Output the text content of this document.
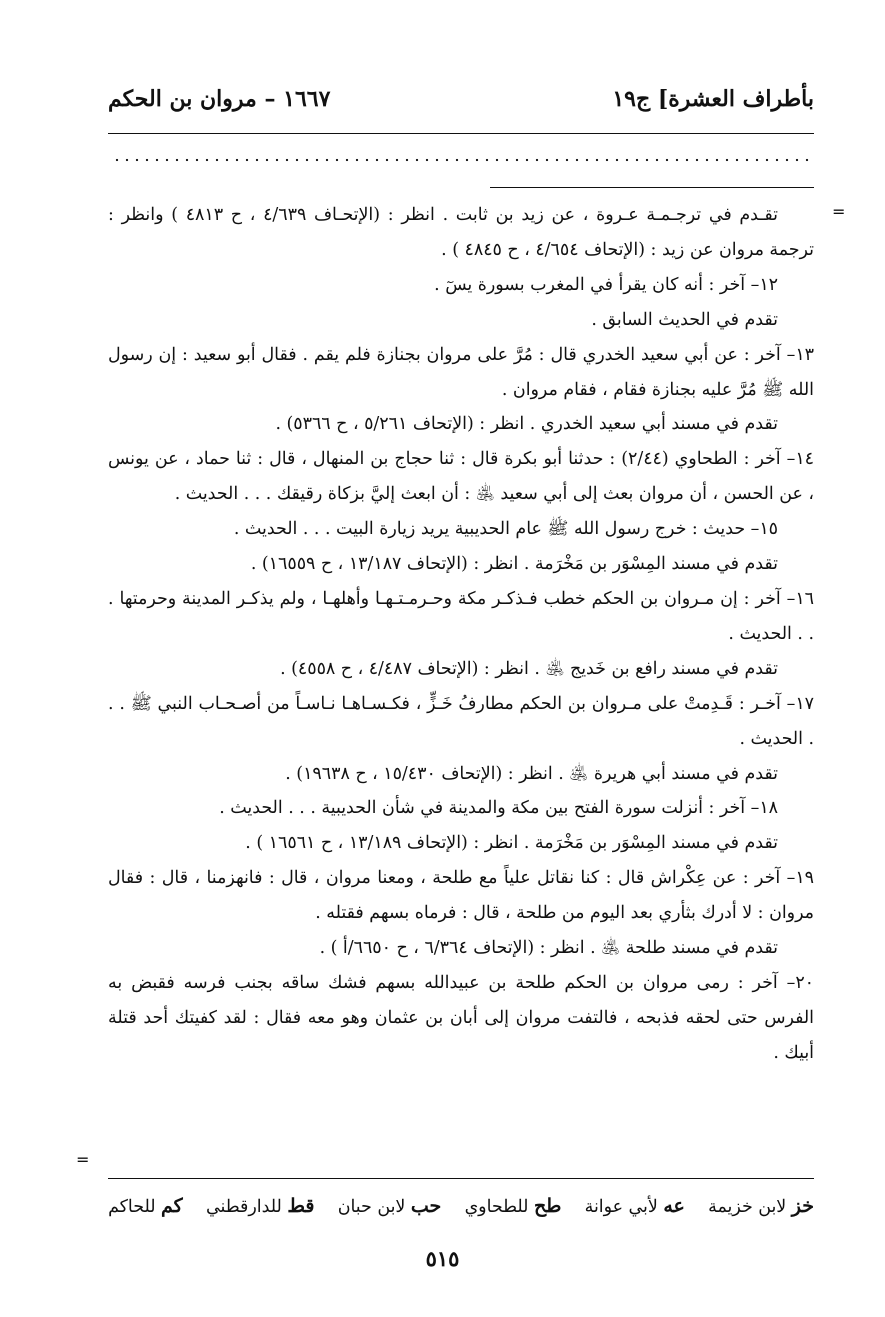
بأطراف العشرة] ج١٩
١٦٦٧ – مروان بن الحكم
=

تقـدم في ترجـمـة عـروة ، عن زيد بن ثابت . انظر : (الإتحـاف ٤/٦٣٩ ، ح ٤٨١٣ ) وانظر : ترجمة مروان عن زيد : (الإتحاف ٤/٦٥٤ ، ح ٤٨٤٥ ) .

١٢– آخر : أنه كان يقرأ في المغرب بسورة يسٓ .

تقدم في الحديث السابق .

١٣– آخر : عن أبي سعيد الخدري قال : مُرَّ على مروان بجنازة فلم يقم . فقال أبو سعيد : إن رسول الله ﷺ مُرَّ عليه بجنازة فقام ، فقام مروان .

تقدم في مسند أبي سعيد الخدري . انظر : (الإتحاف ٥/٢٦١ ، ح ٥٣٦٦) .

١٤– آخر : الطحاوي (٢/٤٤) : حدثنا أبو بكرة قال : ثنا حجاج بن المنهال ، قال : ثنا حماد ، عن يونس ، عن الحسن ، أن مروان بعث إلى أبي سعيد ﵁ : أن ابعث إليَّ بزكاة رقيقك . . . الحديث .

١٥– حديث : خرج رسول الله ﷺ عام الحديبية يريد زيارة البيت . . . الحديث .

تقدم في مسند المِسْوَر بن مَخْرَمة . انظر : (الإتحاف ١٣/١٨٧ ، ح ١٦٥٥٩) .

١٦– آخر : إن مـروان بن الحكم خطب فـذكـر مكة وحـرمـتـهـا وأهلهـا ، ولم يذكـر المدينة وحرمتها . . . الحديث .

تقدم في مسند رافع بن خَديج ﵁ . انظر : (الإتحاف ٤/٤٨٧ ، ح ٤٥٥٨) .

١٧– آخـر : قَـدِمتْ على مـروان بن الحكم مطارفُ خَـزٍّ ، فكـسـاهـا نـاسـاً من أصـحـاب النبي ﷺ . . . الحديث .

تقدم في مسند أبي هريرة ﵁ . انظر : (الإتحاف ١٥/٤٣٠ ، ح ١٩٦٣٨) .

١٨– آخر : أنزلت سورة الفتح بين مكة والمدينة في شأن الحديبية . . . الحديث .

تقدم في مسند المِسْوَر بن مَخْرَمة . انظر : (الإتحاف ١٣/١٨٩ ، ح ١٦٥٦١ ) .

١٩– آخر : عن عِكْراش قال : كنا نقاتل علياً مع طلحة ، ومعنا مروان ، قال : فانهزمنا ، قال : فقال مروان : لا أدرك بثأري بعد اليوم من طلحة ، قال : فرماه بسهم فقتله .

تقدم في مسند طلحة ﵁ . انظر : (الإتحاف ٦/٣٦٤ ، ح ٦٦٥٠/أ ) .

٢٠– آخر : رمى مروان بن الحكم طلحة بن عبيدالله بسهم فشك ساقه بجنب فرسه فقبض به الفرس حتى لحقه فذبحه ، فالتفت مروان إلى أبان بن عثمان وهو معه فقال : لقد كفيتك أحد قتلة أبيك .

=
خز لابن خزيمة
عه لأبي عوانة
طح للطحاوي
حب لابن حبان
قط للدارقطني
كم للحاكم
٥١٥
